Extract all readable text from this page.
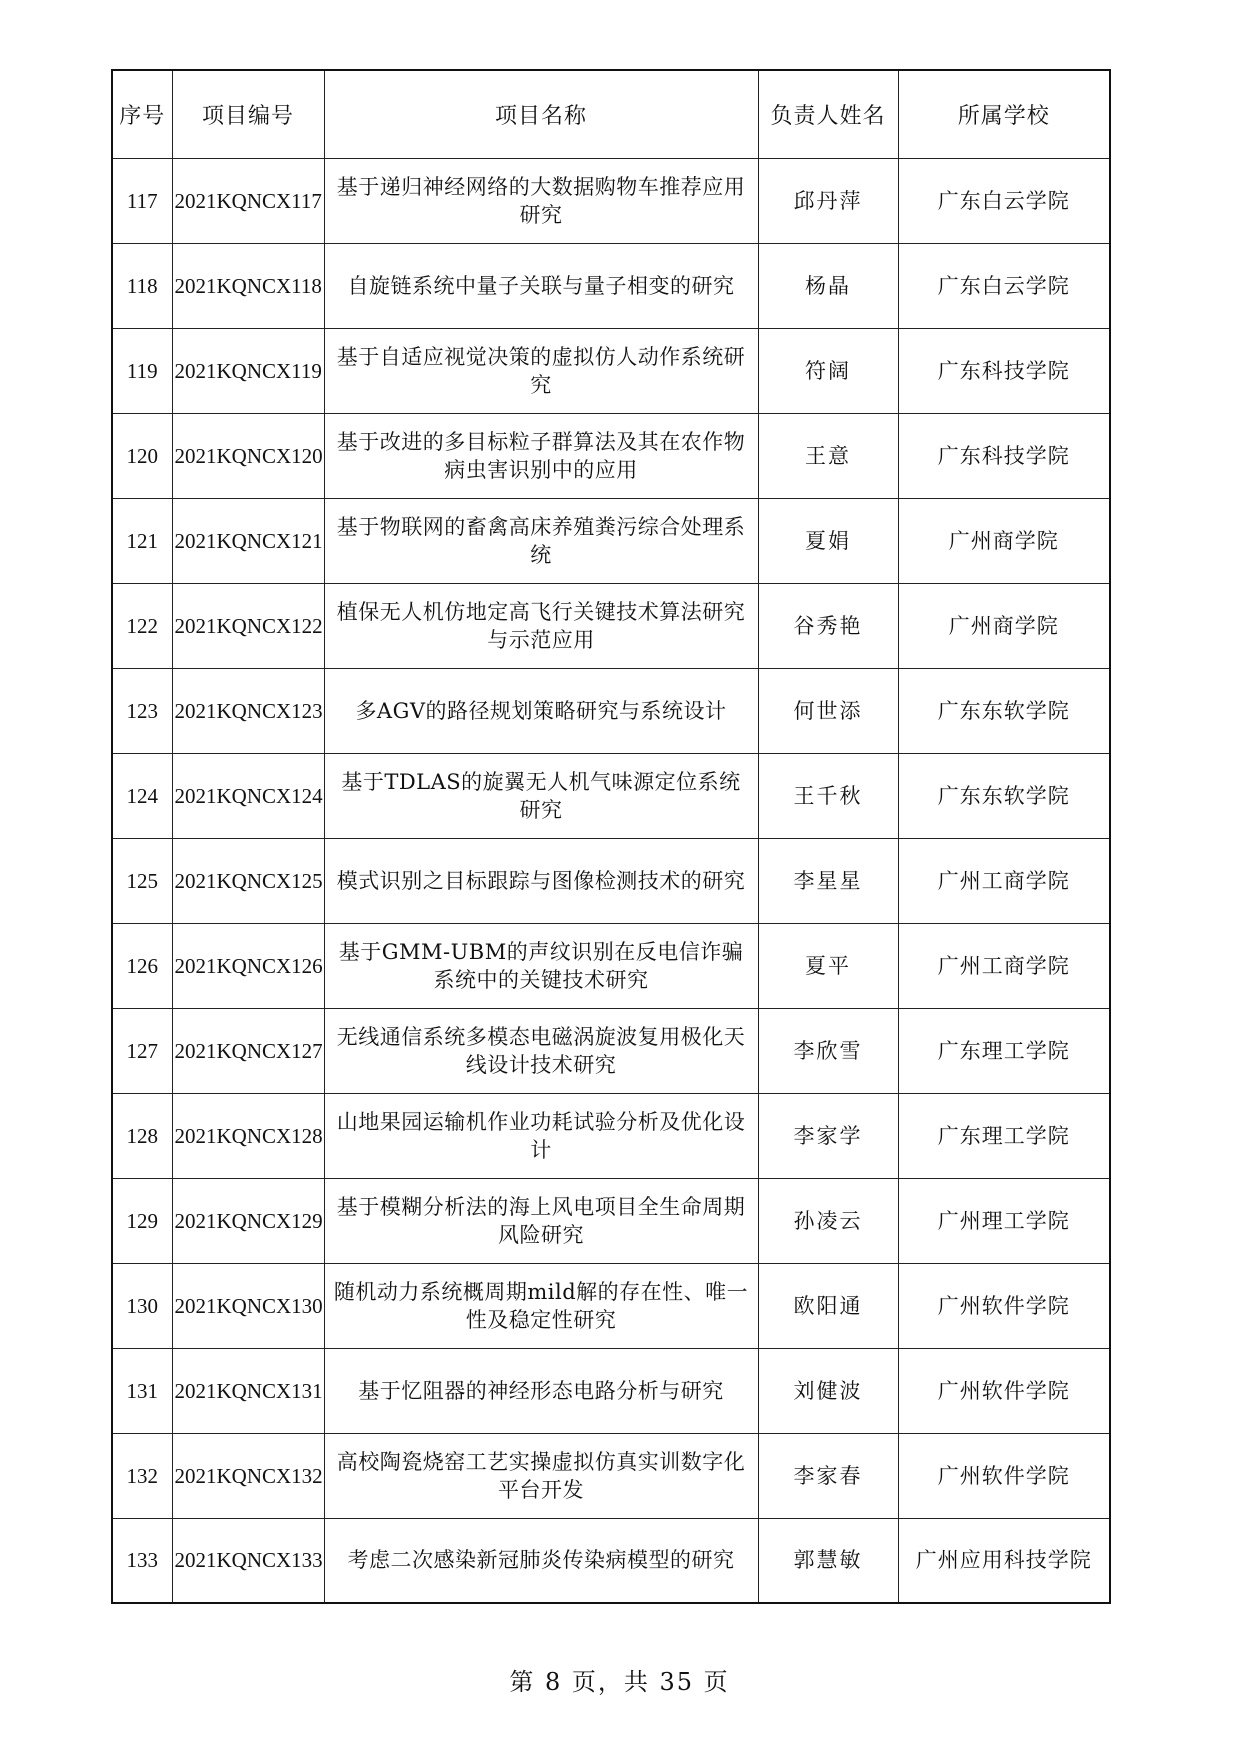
序号	项目编号	项目名称	负责人姓名	所属学校
117	2021KQNCX117	基于递归神经网络的大数据购物车推荐应用研究	邱丹萍	广东白云学院
118	2021KQNCX118	自旋链系统中量子关联与量子相变的研究	杨晶	广东白云学院
119	2021KQNCX119	基于自适应视觉决策的虚拟仿人动作系统研究	符阔	广东科技学院
120	2021KQNCX120	基于改进的多目标粒子群算法及其在农作物病虫害识别中的应用	王意	广东科技学院
121	2021KQNCX121	基于物联网的畜禽高床养殖粪污综合处理系统	夏娟	广州商学院
122	2021KQNCX122	植保无人机仿地定高飞行关键技术算法研究与示范应用	谷秀艳	广州商学院
123	2021KQNCX123	多AGV的路径规划策略研究与系统设计	何世添	广东东软学院
124	2021KQNCX124	基于TDLAS的旋翼无人机气味源定位系统研究	王千秋	广东东软学院
125	2021KQNCX125	模式识别之目标跟踪与图像检测技术的研究	李星星	广州工商学院
126	2021KQNCX126	基于GMM-UBM的声纹识别在反电信诈骗系统中的关键技术研究	夏平	广州工商学院
127	2021KQNCX127	无线通信系统多模态电磁涡旋波复用极化天线设计技术研究	李欣雪	广东理工学院
128	2021KQNCX128	山地果园运输机作业功耗试验分析及优化设计	李家学	广东理工学院
129	2021KQNCX129	基于模糊分析法的海上风电项目全生命周期风险研究	孙凌云	广州理工学院
130	2021KQNCX130	随机动力系统概周期mild解的存在性、唯一性及稳定性研究	欧阳通	广州软件学院
131	2021KQNCX131	基于忆阻器的神经形态电路分析与研究	刘健波	广州软件学院
132	2021KQNCX132	高校陶瓷烧窑工艺实操虚拟仿真实训数字化平台开发	李家春	广州软件学院
133	2021KQNCX133	考虑二次感染新冠肺炎传染病模型的研究	郭慧敏	广州应用科技学院
第 8 页，共 35 页
